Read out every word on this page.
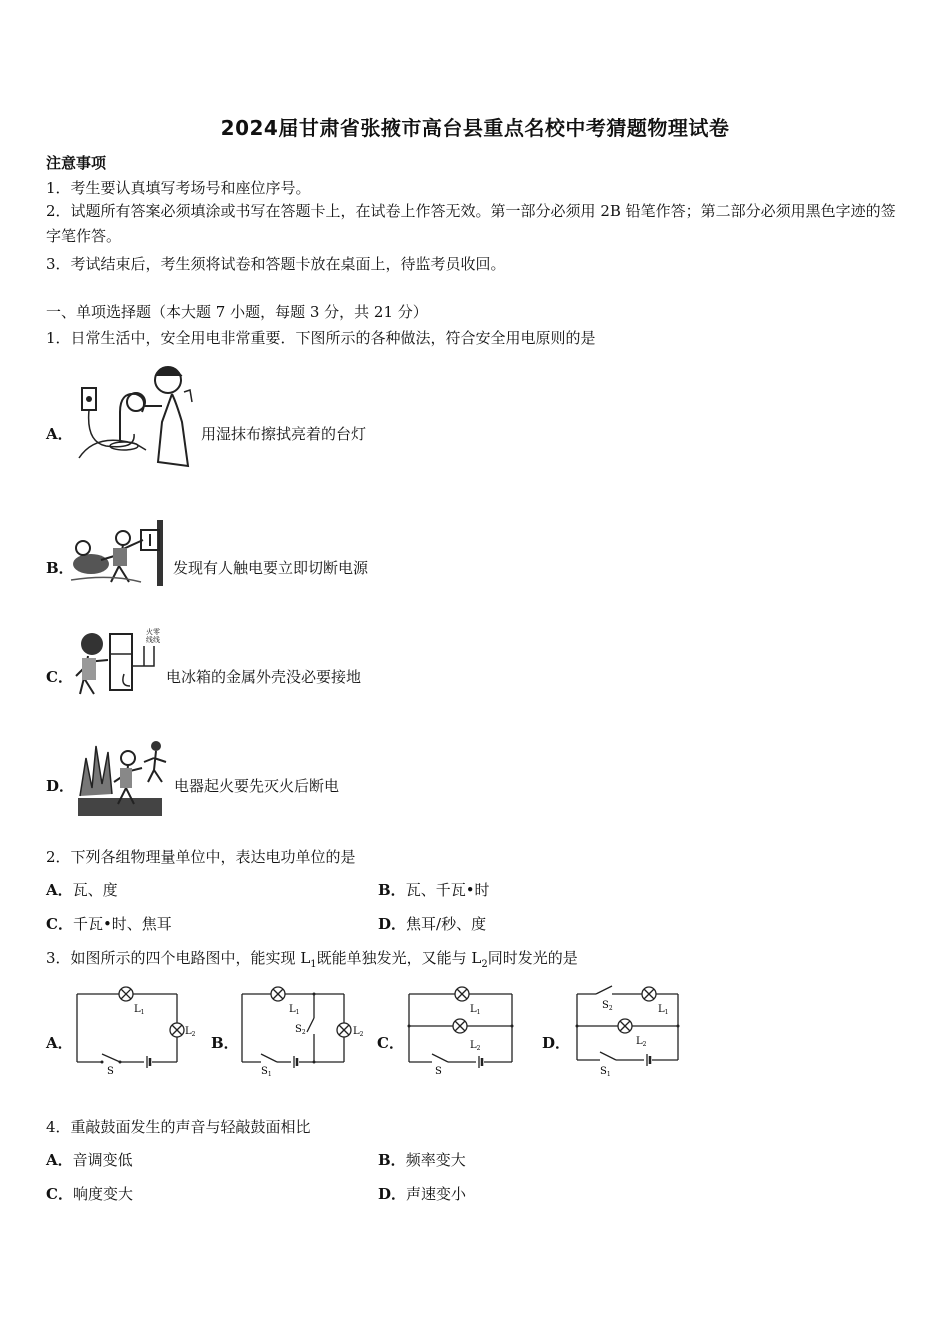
2024届甘肃省张掖市高台县重点名校中考猜题物理试卷
注意事项
1．考生要认真填写考场号和座位序号。
2．试题所有答案必须填涂或书写在答题卡上，在试卷上作答无效。第一部分必须用 2B 铅笔作答；第二部分必须用黑色字迹的签字笔作答。
3．考试结束后，考生须将试卷和答题卡放在桌面上，待监考员收回。
一、单项选择题（本大题 7 小题，每题 3 分，共 21 分）
1．日常生活中，安全用电非常重要．下图所示的各种做法，符合安全用电原则的是
A．	用湿抹布擦拭亮着的台灯
B．	发现有人触电要立即切断电源
C．
火零线线
电冰箱的金属外壳没必要接地
D．	电器起火要先灭火后断电
2．下列各组物理量单位中，表达电功单位的是
A．瓦、度	B．瓦、千瓦•时
C．千瓦•时、焦耳	D．焦耳/秒、度
3．如图所示的四个电路图中，能实现 $L_1$既能单独发光，又能与 $L_2$同时发光的是
A．	B．	C．	D．
$L_1$
$L_2$
S
$L_1$
$S_2$	$L_2$
$S_1$
$L_1$
$L_2$
S
$S_2$	$L_1$
$L_2$
$S_1$
4．重敲鼓面发生的声音与轻敲鼓面相比
A．音调变低	B．频率变大
C．响度变大	D．声速变小
